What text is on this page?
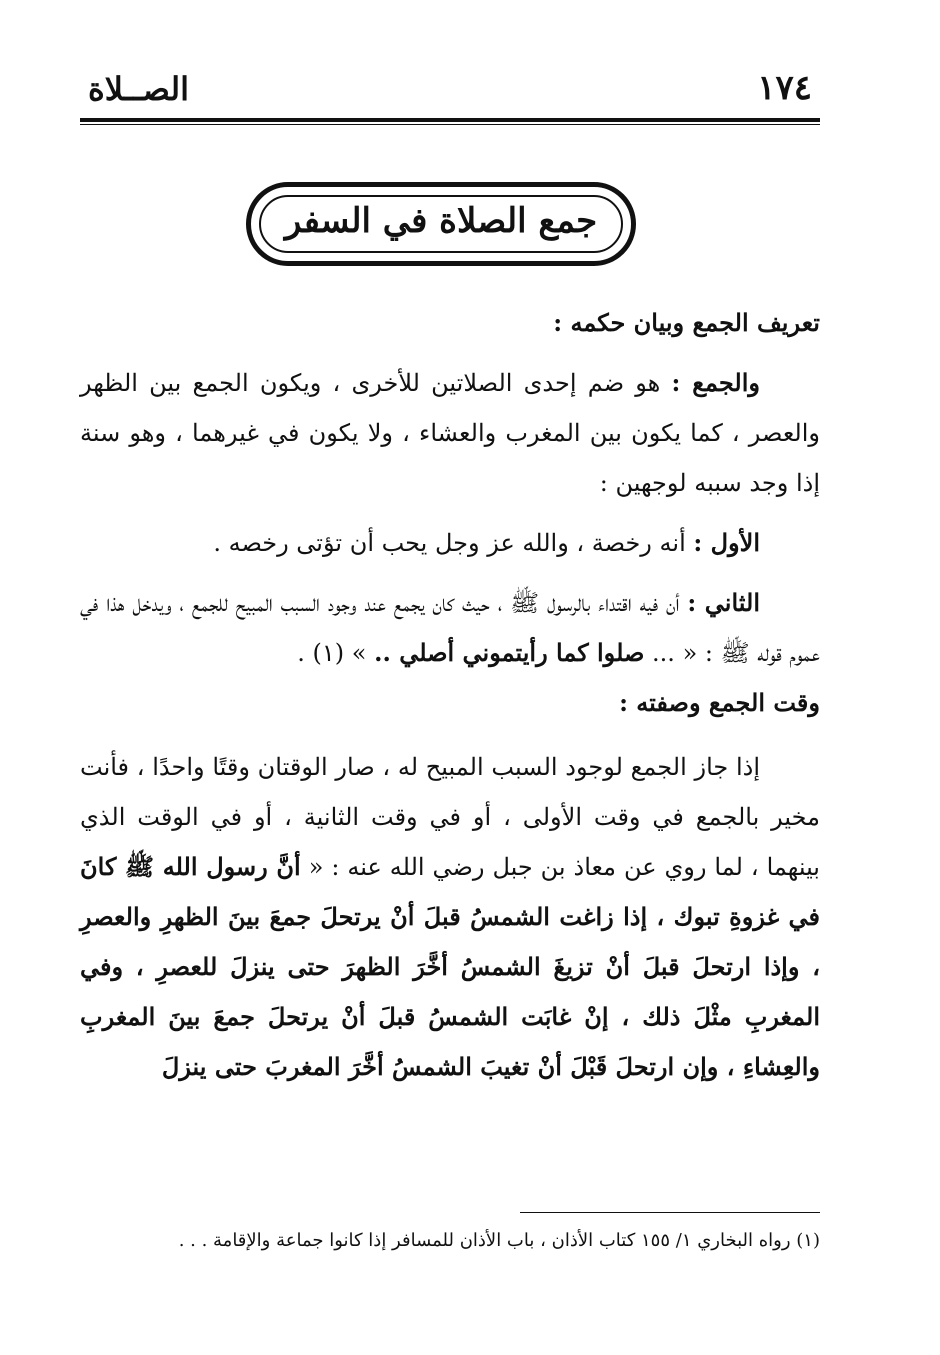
١٧٤
الصــلاة
جمع الصلاة في السفر

تعريف الجمع وبيان حكمه :

والجمع : هو ضم إحدى الصلاتين للأخرى ، ويكون الجمع بين الظهر والعصر ، كما يكون بين المغرب والعشاء ، ولا يكون في غيرهما ، وهو سنة إذا وجد سببه لوجهين :

الأول : أنه رخصة ، والله عز وجل يحب أن تؤتى رخصه .

الثاني : أن فيه اقتداء بالرسول ﷺ ، حيث كان يجمع عند وجود السبب المبيح للجمع ، ويدخل هذا في عموم قوله ﷺ : « ... صلوا كما رأيتموني أصلي .. » (١) .

وقت الجمع وصفته :

إذا جاز الجمع لوجود السبب المبيح له ، صار الوقتان وقتًا واحدًا ، فأنت مخير بالجمع في وقت الأولى ، أو في وقت الثانية ، أو في الوقت الذي بينهما ، لما روي عن معاذ بن جبل رضي الله عنه : « أنَّ رسول الله ﷺ كانَ في غزوةِ تبوك ، إذا زاغت الشمسُ قبلَ أنْ يرتحلَ جمعَ بينَ الظهرِ والعصرِ ، وإذا ارتحلَ قبلَ أنْ تزيغَ الشمسُ أخَّرَ الظهرَ حتى ينزلَ للعصرِ ، وفي المغربِ مثْلَ ذلك ، إنْ غابَت الشمسُ قبلَ أنْ يرتحلَ جمعَ بينَ المغربِ والعِشاءِ ، وإن ارتحلَ قَبْلَ أنْ تغيبَ الشمسُ أخَّرَ المغربَ حتى ينزلَ

(١) رواه البخاري ١/ ١٥٥ كتاب الأذان ، باب الأذان للمسافر إذا كانوا جماعة والإقامة . . .
